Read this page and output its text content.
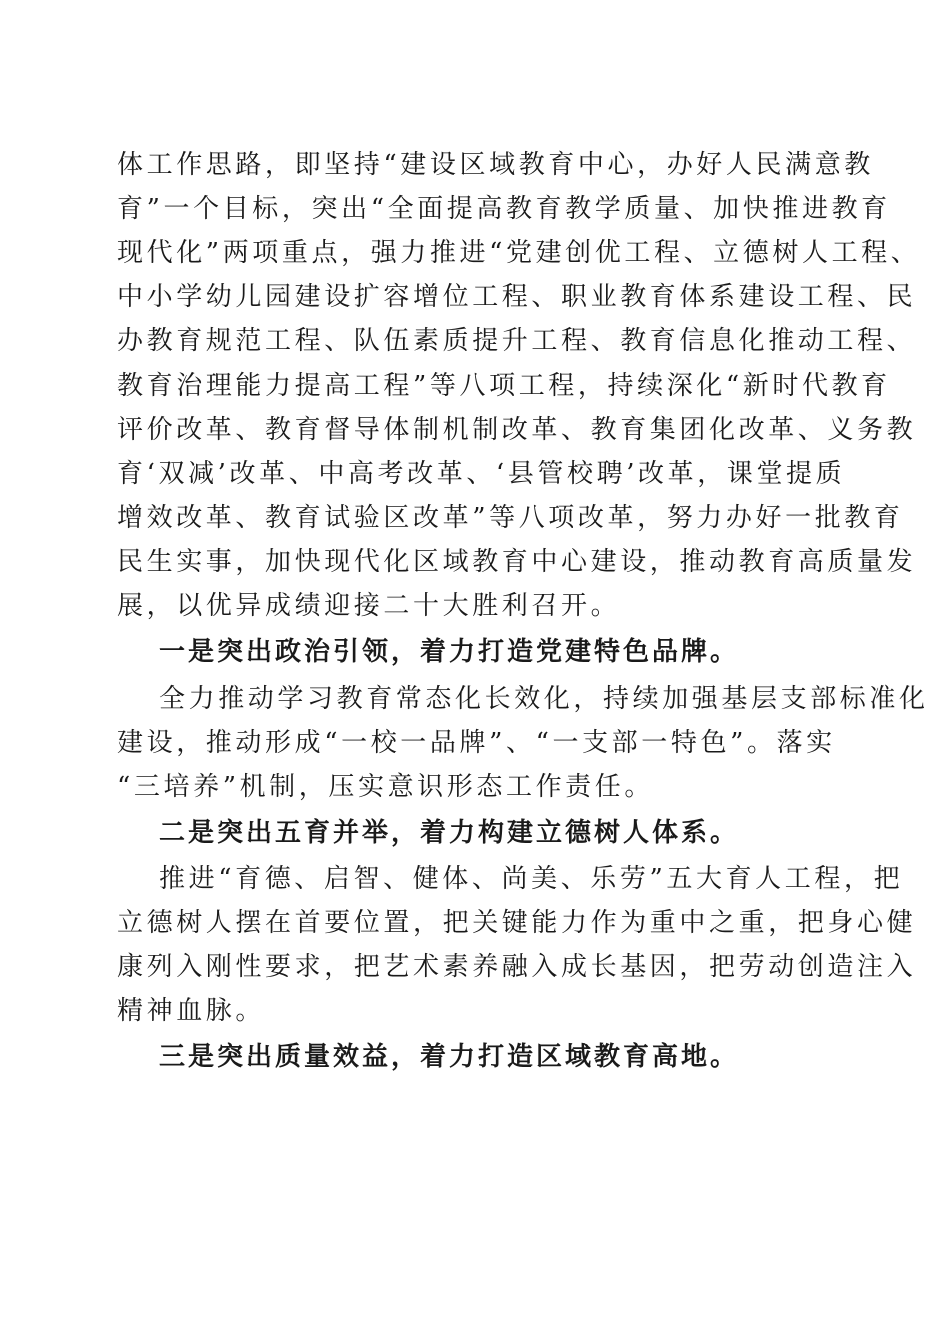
体工作思路，即坚持“建设区域教育中心，办好人民满意教
育”一个目标，突出“全面提高教育教学质量、加快推进教育
现代化”两项重点，强力推进“党建创优工程、立德树人工程、
中小学幼儿园建设扩容增位工程、职业教育体系建设工程、民
办教育规范工程、队伍素质提升工程、教育信息化推动工程、
教育治理能力提高工程”等八项工程，持续深化“新时代教育
评价改革、教育督导体制机制改革、教育集团化改革、义务教
育‘双减’改革、中高考改革、‘县管校聘’改革，课堂提质
增效改革、教育试验区改革”等八项改革，努力办好一批教育
民生实事，加快现代化区域教育中心建设，推动教育高质量发
展，以优异成绩迎接二十大胜利召开。
一是突出政治引领，着力打造党建特色品牌。
全力推动学习教育常态化长效化，持续加强基层支部标准化
建设，推动形成“一校一品牌”、“一支部一特色”。落实
“三培养”机制，压实意识形态工作责任。
二是突出五育并举，着力构建立德树人体系。
推进“育德、启智、健体、尚美、乐劳”五大育人工程，把
立德树人摆在首要位置，把关键能力作为重中之重，把身心健
康列入刚性要求，把艺术素养融入成长基因，把劳动创造注入
精神血脉。
三是突出质量效益，着力打造区域教育高地。
